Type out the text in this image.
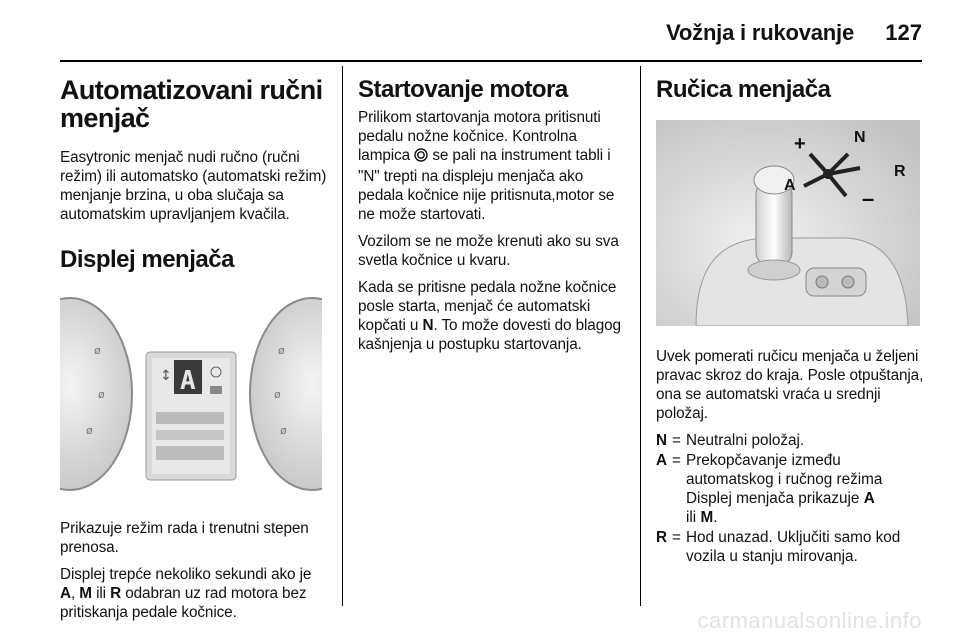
Vožnja i rukovanje 127
Automatizovani ručni menjač

Easytronic menjač nudi ručno (ručni režim) ili automatsko (automatski režim) menjanje brzina, u oba slučaja sa automatskim upravljanjem kvačila.

Displej menjača
ø
ø
ø
ø
ø
ø
↕ A

Prikazuje režim rada i trenutni stepen prenosa.

Displej trepće nekoliko sekundi ako je A, M ili R odabran uz rad motora bez pritiskanja pedale kočnice.

Startovanje motora

Prilikom startovanja motora pritisnuti pedalu nožne kočnice. Kontrolna lampica se pali na instrument tabli i "N" trepti na displeju menjača ako pedala kočnice nije pritisnuta,motor se ne može startovati.

Vozilom se ne može krenuti ako su sva svetla kočnice u kvaru.

Kada se pritisne pedala nožne kočnice posle starta, menjač će automatski kopčati u N. To može dovesti do blagog kašnjenja u postupku startovanja.

Ručica menjača
+	N
R
A
–

Uvek pomerati ručicu menjača u željeni pravac skroz do kraja. Posle otpuštanja, ona se automatski vraća u srednji položaj.

N = Neutralni položaj.
A = Prekopčavanje između automatskog i ručnog režima Displej menjača prikazuje A
ili M.
R = Hod unazad. Uključiti samo kod vozila u stanju mirovanja.
carmanualsonline.info
